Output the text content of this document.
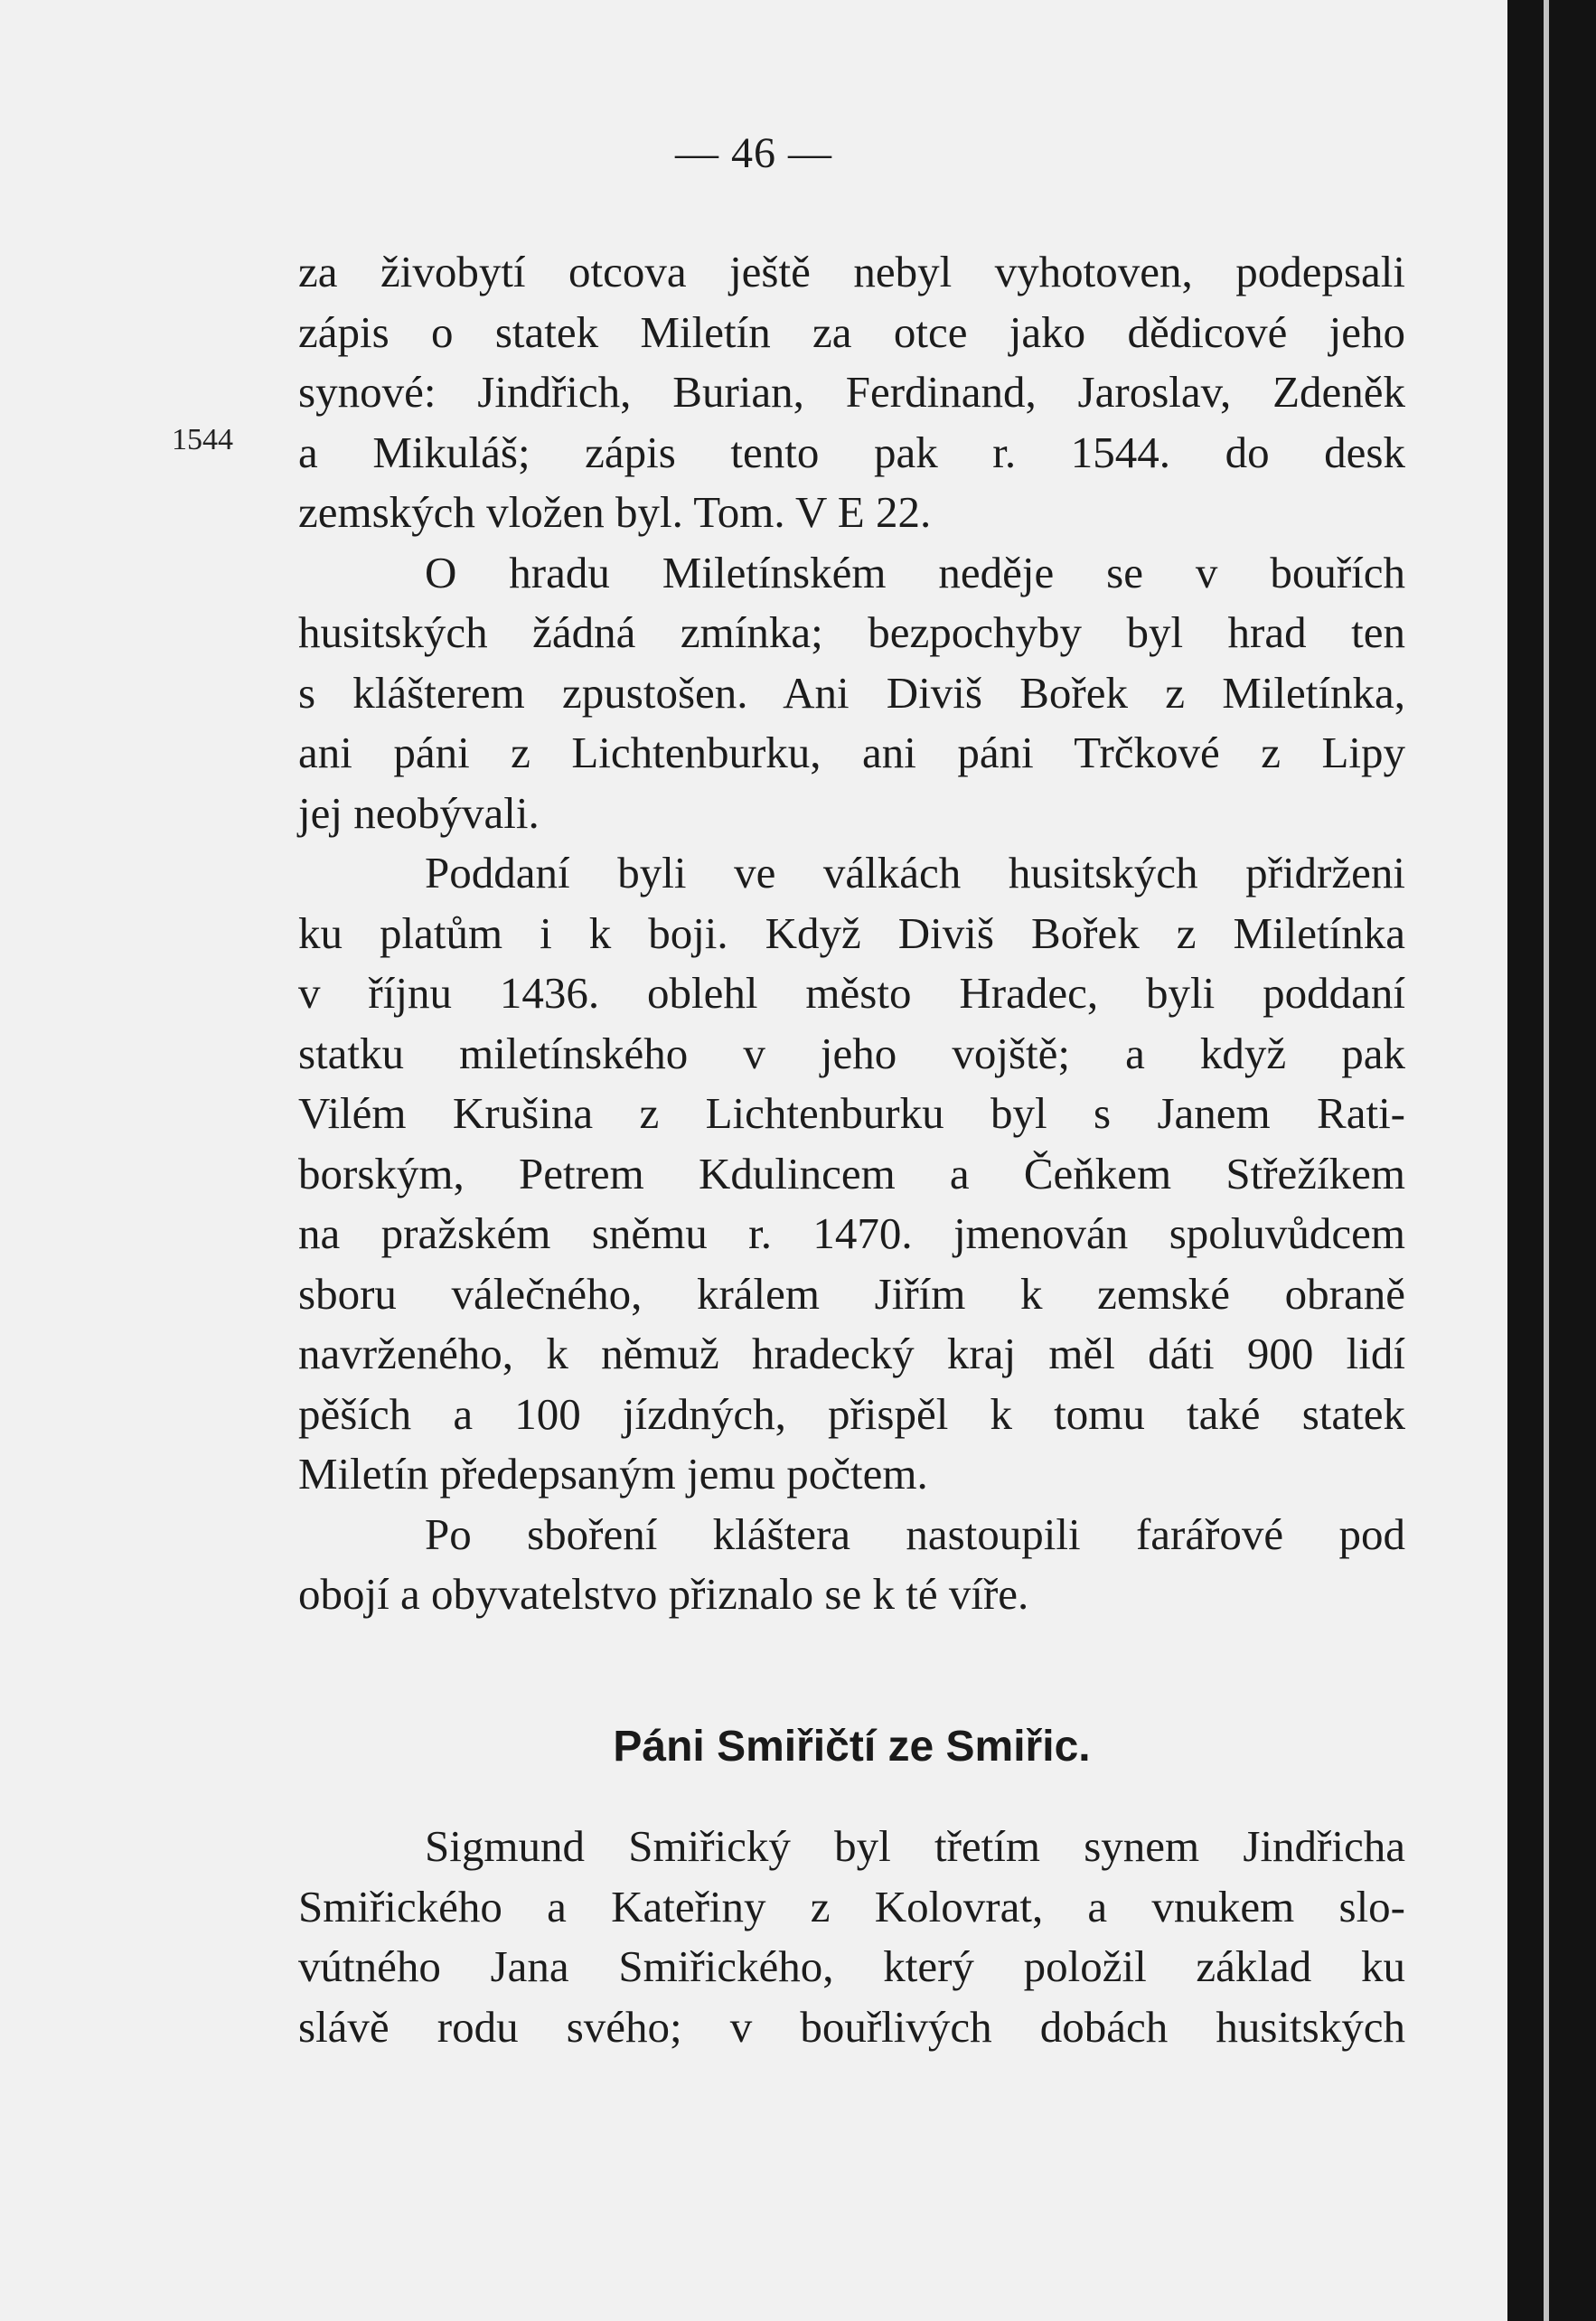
— 46 —
1544
za živobytí otcova ještě nebyl vyhotoven, podepsali
zápis o statek Miletín za otce jako dědicové jeho
synové: Jindřich, Burian, Ferdinand, Jaroslav, Zdeněk
a Mikuláš; zápis tento pak r. 1544. do desk
zemských vložen byl. Tom. V E 22.
O hradu Miletínském neděje se v bouřích
husitských žádná zmínka; bezpochyby byl hrad ten
s klášterem zpustošen. Ani Diviš Bořek z Miletínka,
ani páni z Lichtenburku, ani páni Trčkové z Lipy
jej neobývali.
Poddaní byli ve válkách husitských přidrženi
ku platům i k boji. Když Diviš Bořek z Miletínka
v říjnu 1436. oblehl město Hradec, byli poddaní
statku miletínského v jeho vojště; a když pak
Vilém Krušina z Lichtenburku byl s Janem Rati-
borským, Petrem Kdulincem a Čeňkem Střežíkem
na pražském sněmu r. 1470. jmenován spoluvůdcem
sboru válečného, králem Jiřím k zemské obraně
navrženého, k němuž hradecký kraj měl dáti 900 lidí
pěších a 100 jízdných, přispěl k tomu také statek
Miletín předepsaným jemu počtem.
Po sboření kláštera nastoupili farářové pod
obojí a obyvatelstvo přiznalo se k té víře.
Páni Smiřičtí ze Smiřic.
Sigmund Smiřický byl třetím synem Jindřicha
Smiřického a Kateřiny z Kolovrat, a vnukem slo-
vútného Jana Smiřického, který položil základ ku
slávě rodu svého; v bouřlivých dobách husitských
